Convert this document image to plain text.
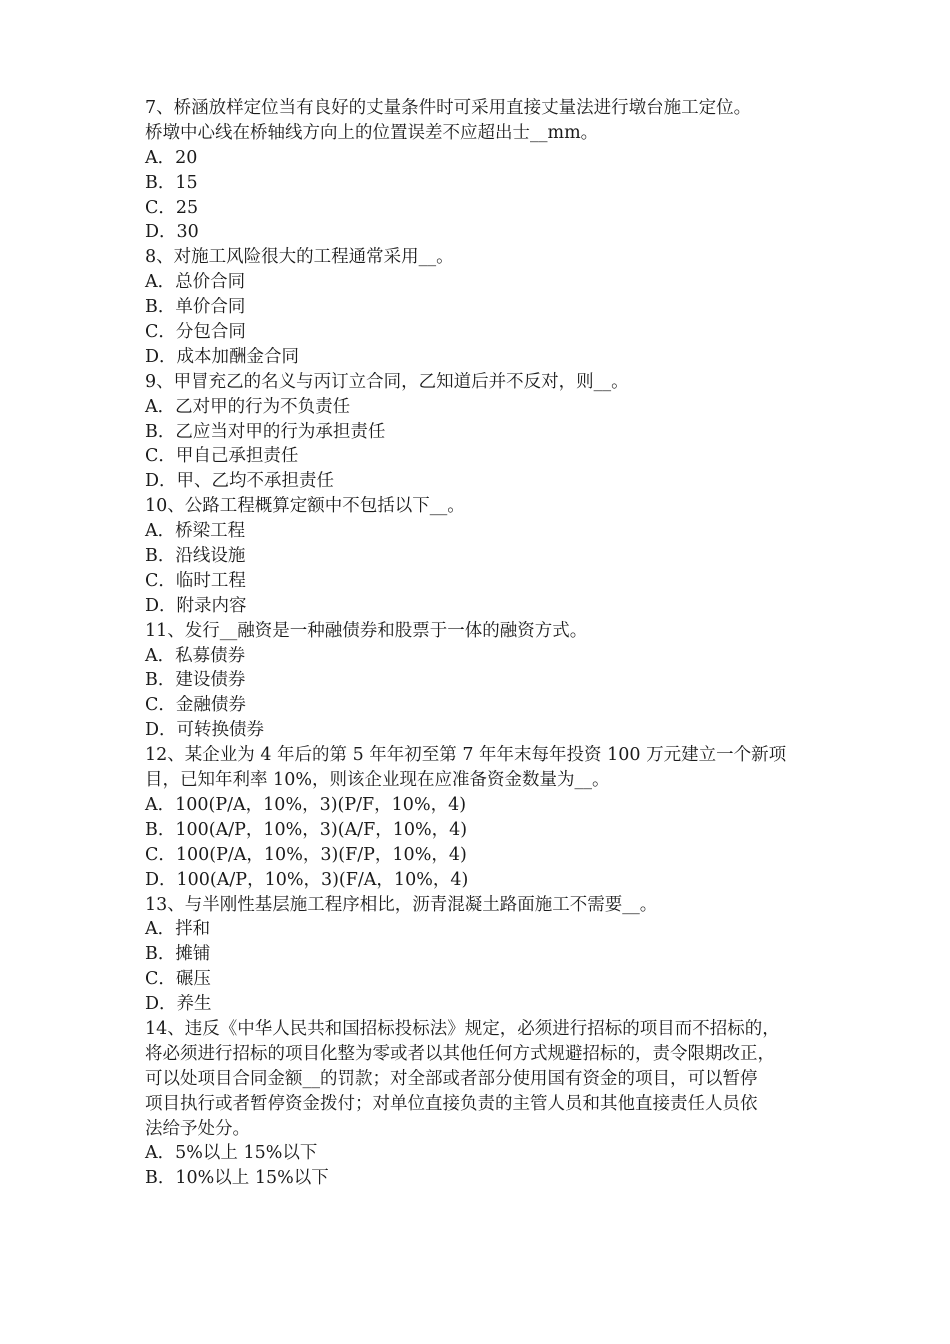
7、桥涵放样定位当有良好的丈量条件时可采用直接丈量法进行墩台施工定位。
桥墩中心线在桥轴线方向上的位置误差不应超出士__mm。
A．20
B．15
C．25
D．30
8、对施工风险很大的工程通常采用__。
A．总价合同
B．单价合同
C．分包合同
D．成本加酬金合同
9、甲冒充乙的名义与丙订立合同，乙知道后并不反对，则__。
A．乙对甲的行为不负责任
B．乙应当对甲的行为承担责任
C．甲自己承担责任
D．甲、乙均不承担责任
10、公路工程概算定额中不包括以下__。
A．桥梁工程
B．沿线设施
C．临时工程
D．附录内容
11、发行__融资是一种融债券和股票于一体的融资方式。
A．私募债券
B．建设债券
C．金融债券
D．可转换债券
12、某企业为 4 年后的第 5 年年初至第 7 年年末每年投资 100 万元建立一个新项
目，已知年利率 10%，则该企业现在应准备资金数量为__。
A．100(P/A，10%，3)(P/F，10%，4)
B．100(A/P，10%，3)(A/F，10%，4)
C．100(P/A，10%，3)(F/P，10%，4)
D．100(A/P，10%，3)(F/A，10%，4)
13、与半刚性基层施工程序相比，沥青混凝土路面施工不需要__。
A．拌和
B．摊铺
C．碾压
D．养生
14、违反《中华人民共和国招标投标法》规定，必须进行招标的项目而不招标的，
将必须进行招标的项目化整为零或者以其他任何方式规避招标的，责令限期改正，
可以处项目合同金额__的罚款；对全部或者部分使用国有资金的项目，可以暂停
项目执行或者暂停资金拨付；对单位直接负责的主管人员和其他直接责任人员依
法给予处分。
A．5%以上 15%以下
B．10%以上 15%以下
